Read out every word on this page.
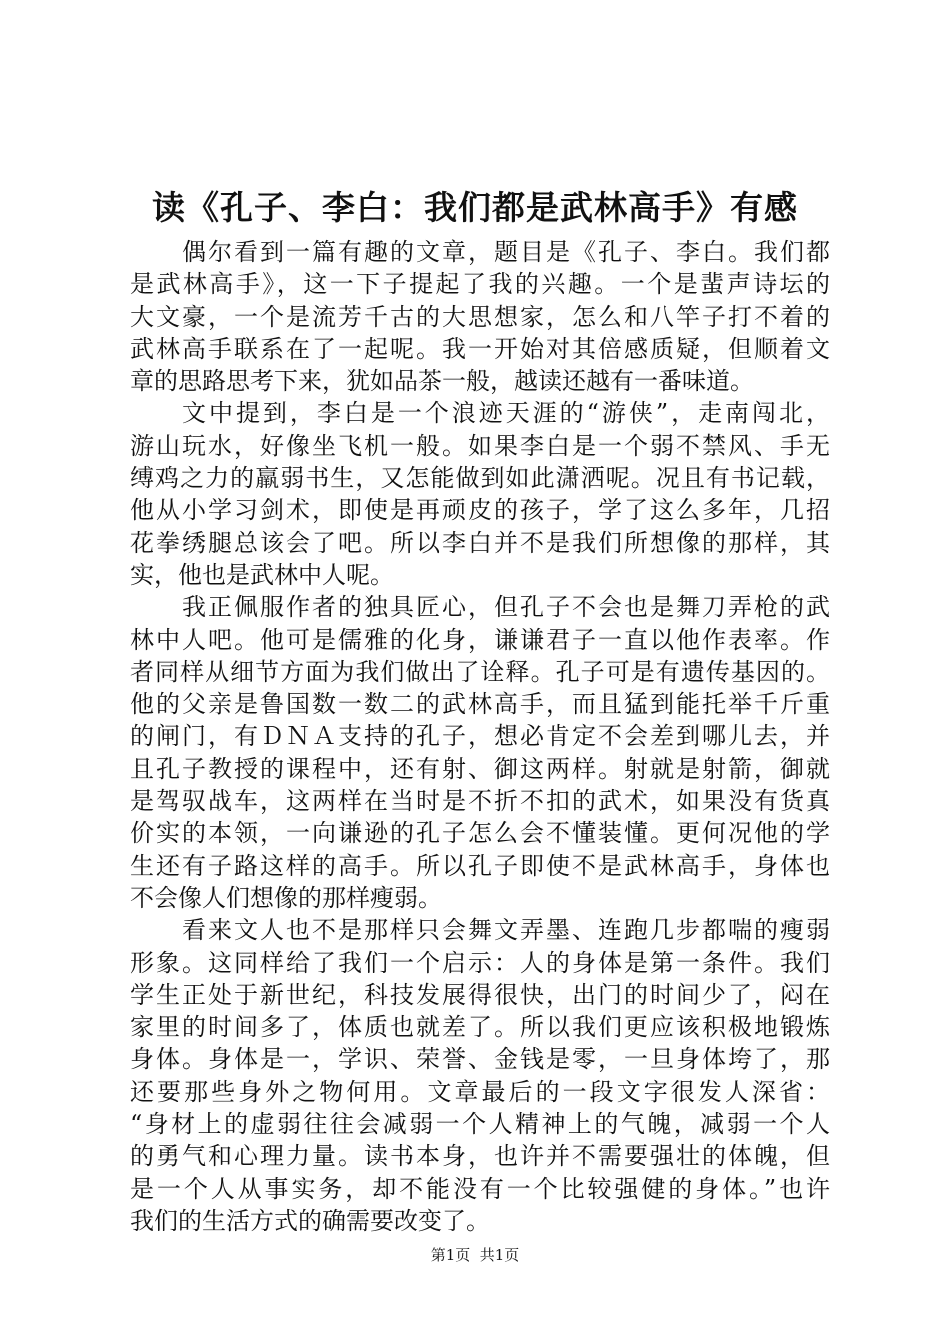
读《孔子、李白：我们都是武林高手》有感
偶尔看到一篇有趣的文章，题目是《孔子、李白。我们都
是武林高手》，这一下子提起了我的兴趣。一个是蜚声诗坛的
大文豪，一个是流芳千古的大思想家，怎么和八竿子打不着的
武林高手联系在了一起呢。我一开始对其倍感质疑，但顺着文
章的思路思考下来，犹如品茶一般，越读还越有一番味道。
文中提到，李白是一个浪迹天涯的“游侠”，走南闯北，
游山玩水，好像坐飞机一般。如果李白是一个弱不禁风、手无
缚鸡之力的羸弱书生，又怎能做到如此潇洒呢。况且有书记载，
他从小学习剑术，即使是再顽皮的孩子，学了这么多年，几招
花拳绣腿总该会了吧。所以李白并不是我们所想像的那样，其
实，他也是武林中人呢。
我正佩服作者的独具匠心，但孔子不会也是舞刀弄枪的武
林中人吧。他可是儒雅的化身，谦谦君子一直以他作表率。作
者同样从细节方面为我们做出了诠释。孔子可是有遗传基因的。
他的父亲是鲁国数一数二的武林高手，而且猛到能托举千斤重
的闸门，有ＤＮＡ支持的孔子，想必肯定不会差到哪儿去，并
且孔子教授的课程中，还有射、御这两样。射就是射箭，御就
是驾驭战车，这两样在当时是不折不扣的武术，如果没有货真
价实的本领，一向谦逊的孔子怎么会不懂装懂。更何况他的学
生还有子路这样的高手。所以孔子即使不是武林高手，身体也
不会像人们想像的那样瘦弱。
看来文人也不是那样只会舞文弄墨、连跑几步都喘的瘦弱
形象。这同样给了我们一个启示：人的身体是第一条件。我们
学生正处于新世纪，科技发展得很快，出门的时间少了，闷在
家里的时间多了，体质也就差了。所以我们更应该积极地锻炼
身体。身体是一，学识、荣誉、金钱是零，一旦身体垮了，那
还要那些身外之物何用。文章最后的一段文字很发人深省：
“身材上的虚弱往往会减弱一个人精神上的气魄，减弱一个人
的勇气和心理力量。读书本身，也许并不需要强壮的体魄，但
是一个人从事实务，却不能没有一个比较强健的身体。”也许
我们的生活方式的确需要改变了。
第1页  共1页
